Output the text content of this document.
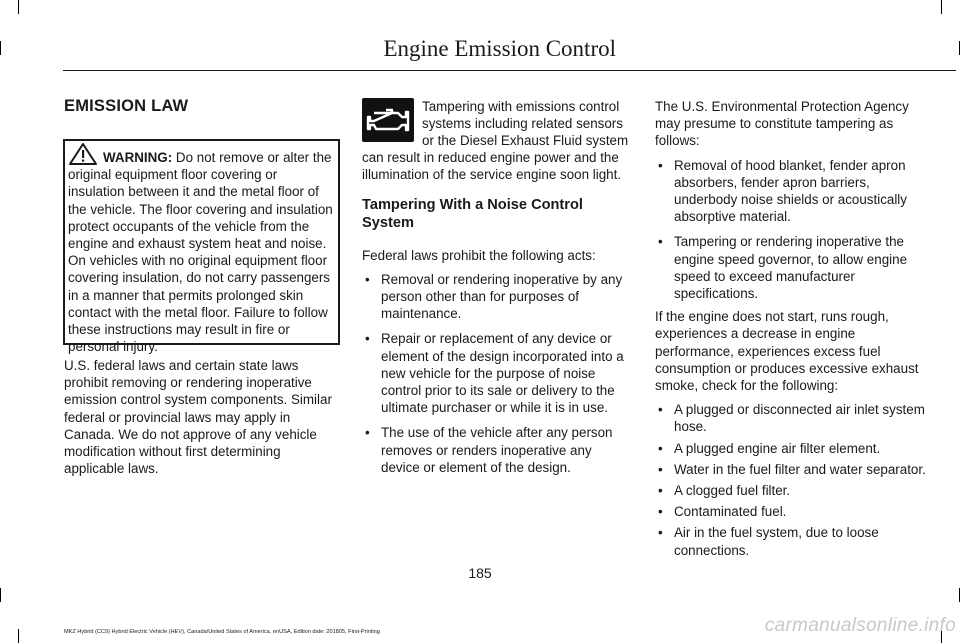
Engine Emission Control
EMISSION LAW
WARNING: Do not remove or alter the original equipment floor covering or insulation between it and the metal floor of the vehicle. The floor covering and insulation protect occupants of the vehicle from the engine and exhaust system heat and noise. On vehicles with no original equipment floor covering insulation, do not carry passengers in a manner that permits prolonged skin contact with the metal floor. Failure to follow these instructions may result in fire or personal injury.

U.S. federal laws and certain state laws prohibit removing or rendering inoperative emission control system components. Similar federal or provincial laws may apply in Canada. We do not approve of any vehicle modification without first determining applicable laws.

Tampering with emissions control

systems including related sensors

or the Diesel Exhaust Fluid system

can result in reduced engine power and the illumination of the service engine soon light.

Tampering With a Noise Control System

Federal laws prohibit the following acts:

• Removal or rendering inoperative by any person other than for purposes of maintenance.
• Repair or replacement of any device or element of the design incorporated into a new vehicle for the purpose of noise control prior to its sale or delivery to the ultimate purchaser or while it is in use.
• The use of the vehicle after any person removes or renders inoperative any device or element of the design.

The U.S. Environmental Protection Agency may presume to constitute tampering as follows:

• Removal of hood blanket, fender apron absorbers, fender apron barriers, underbody noise shields or acoustically absorptive material.
• Tampering or rendering inoperative the engine speed governor, to allow engine speed to exceed manufacturer specifications.

If the engine does not start, runs rough, experiences a decrease in engine performance, experiences excess fuel consumption or produces excessive exhaust smoke, check for the following:

• A plugged or disconnected air inlet system hose.
• A plugged engine air filter element.
• Water in the fuel filter and water separator.
• A clogged fuel filter.
• Contaminated fuel.
• Air in the fuel system, due to loose connections.
185
MKZ Hybrid (CC9) Hybrid Electric Vehicle (HEV), Canada/United States of America, enUSA, Edition date: 201805, First-Printing	carmanualsonline.info
